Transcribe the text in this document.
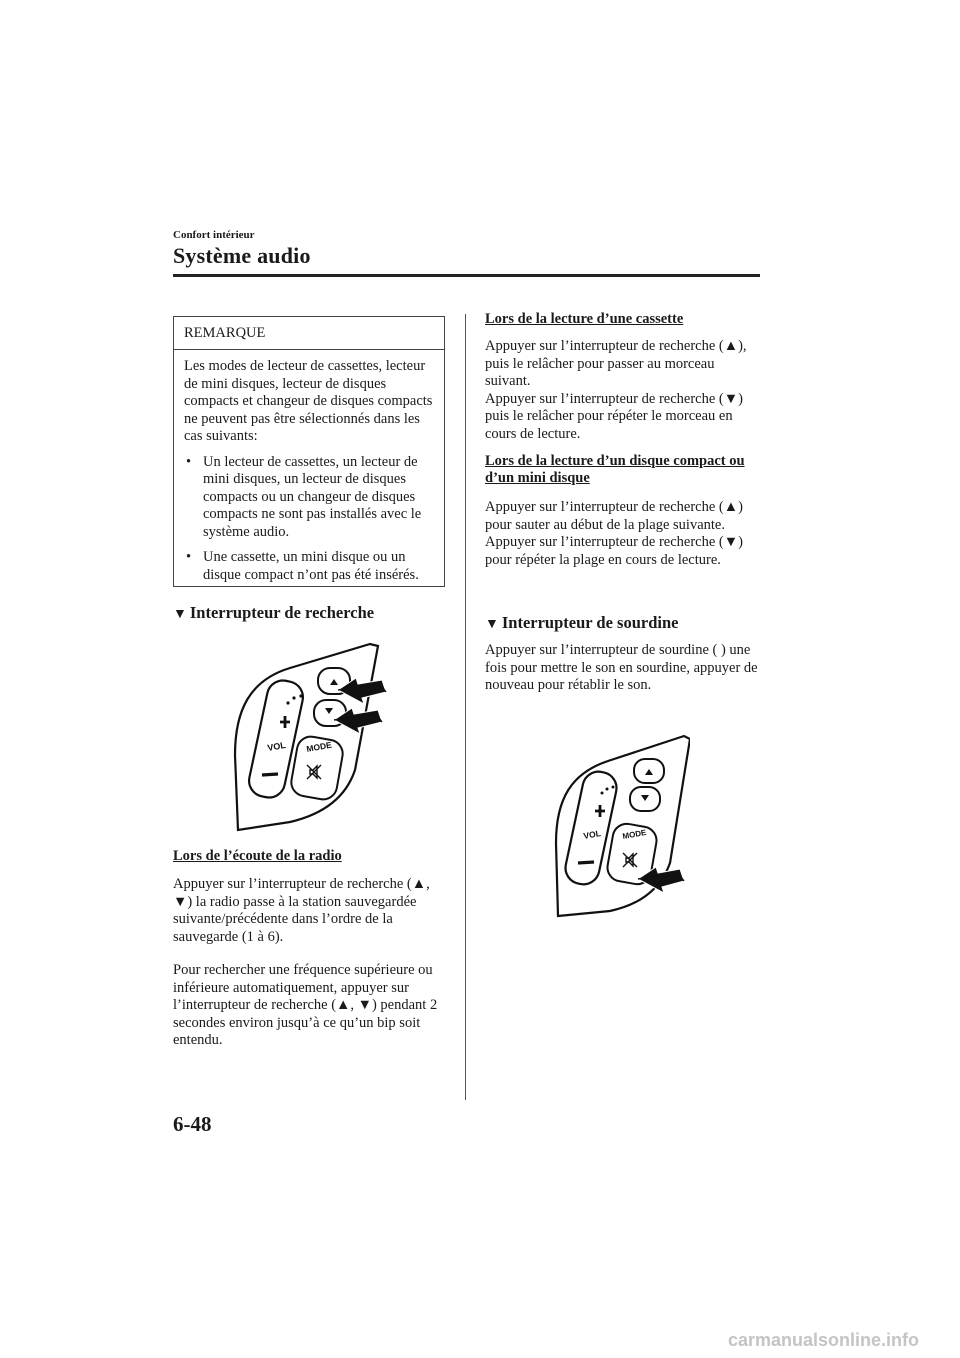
Confort intérieur
Système audio
REMARQUE

Les modes de lecteur de cassettes, lecteur de mini disques, lecteur de disques compacts et changeur de disques compacts ne peuvent pas être sélectionnés dans les cas suivants:

• Un lecteur de cassettes, un lecteur de mini disques, un lecteur de disques compacts ou un changeur de disques compacts ne sont pas installés avec le système audio.
• Une cassette, un mini disque ou un disque compact n’ont pas été insérés.
▼ Interrupteur de recherche
VOL MODE
Lors de l’écoute de la radio
Appuyer sur l’interrupteur de recherche (▲, ▼) la radio passe à la station sauvegardée suivante/précédente dans l’ordre de la sauvegarde (1 à 6).
Pour rechercher une fréquence supérieure ou inférieure automatiquement, appuyer sur l’interrupteur de recherche (▲, ▼) pendant 2 secondes environ jusqu’à ce qu’un bip soit entendu.
Lors de la lecture d’une cassette
Appuyer sur l’interrupteur de recherche (▲), puis le relâcher pour passer au morceau suivant.
Appuyer sur l’interrupteur de recherche (▼) puis le relâcher pour répéter le morceau en cours de lecture.
Lors de la lecture d’un disque compact ou d’un mini disque
Appuyer sur l’interrupteur de recherche (▲) pour sauter au début de la plage suivante.
Appuyer sur l’interrupteur de recherche (▼) pour répéter la plage en cours de lecture.
▼ Interrupteur de sourdine
Appuyer sur l’interrupteur de sourdine ( ) une fois pour mettre le son en sourdine, appuyer de nouveau pour rétablir le son.
VOL	MODE
6-48
carmanualsonline.info
